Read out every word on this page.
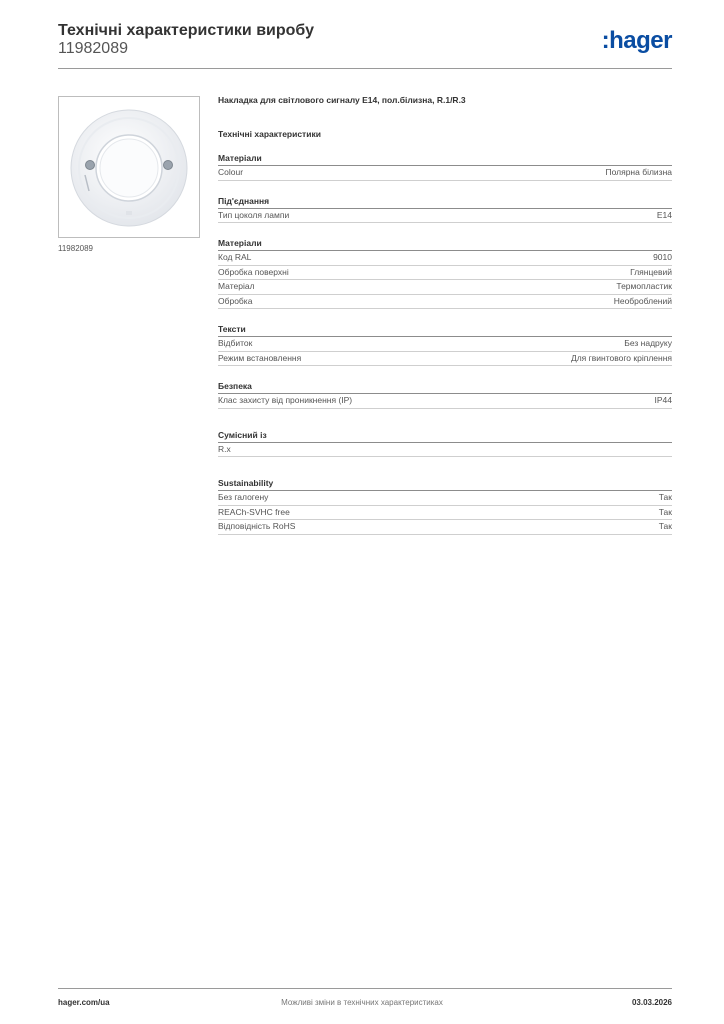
Технічні характеристики виробу
11982089	:hager
11982089
Накладка для світлового сигналу E14, пол.білизна, R.1/R.3
Технічні характеристики
Матеріали
Colour	Полярна білизна
Під'єднання
Тип цоколя лампи	E14
Матеріали
Код RAL	9010
Обробка поверхні	Глянцевий
Матеріал	Термопластик
Обробка	Необроблений
Тексти
Відбиток	Без надруку
Режим встановлення	Для гвинтового кріплення
Безпека
Клас захисту від проникнення (IP)	IP44
Сумісний із
R.x
Sustainability
Без галогену	Так
REACh-SVHC free	Так
Відповідність RoHS	Так
hager.com/ua	Можливі зміни в технічних характеристиках	03.03.2026
